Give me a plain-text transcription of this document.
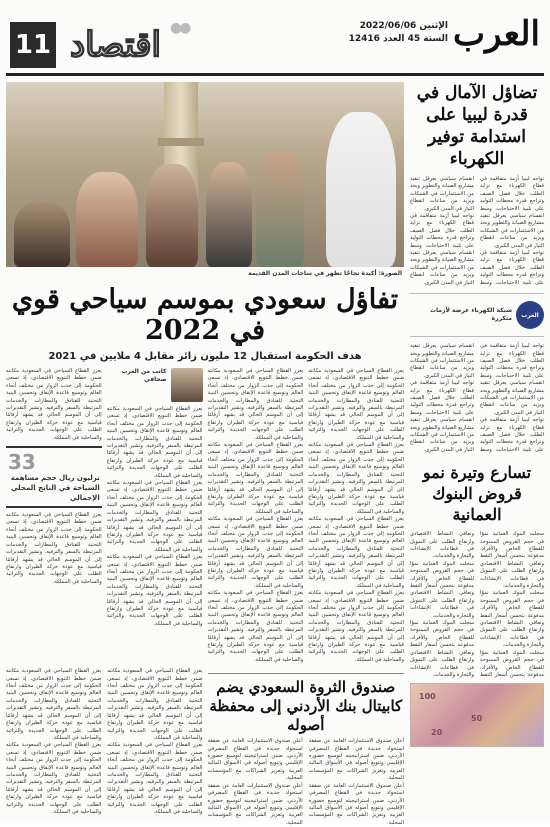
العرب
الإثنين 2022/06/06
السنة 45 العدد 12416
11 اقتصاد ●●
تضاؤل الآمال في قدرة ليبيا على استدامة توفير الكهرباء

تواجه ليبيا أزمة متفاقمة في قطاع الكهرباء مع تزايد الطلب خلال فصل الصيف وتراجع قدرة محطات التوليد على تلبية الاحتياجات، وسط انقسام سياسي يعرقل تنفيذ مشاريع الصيانة والتطوير ويحد من الاستثمارات في الشبكات ويزيد من ساعات انقطاع التيار في المدن الكبرى.

تواجه ليبيا أزمة متفاقمة في قطاع الكهرباء مع تزايد الطلب خلال فصل الصيف وتراجع قدرة محطات التوليد على تلبية الاحتياجات، وسط انقسام سياسي يعرقل تنفيذ مشاريع الصيانة والتطوير ويحد من الاستثمارات في الشبكات ويزيد من ساعات انقطاع التيار في المدن الكبرى.

تواجه ليبيا أزمة متفاقمة في قطاع الكهرباء مع تزايد الطلب خلال فصل الصيف وتراجع قدرة محطات التوليد على تلبية الاحتياجات، وسط انقسام سياسي يعرقل تنفيذ مشاريع الصيانة والتطوير ويحد من الاستثمارات في الشبكات ويزيد من ساعات انقطاع التيار في المدن الكبرى.

العرب
شبكة الكهرباء عرضة لأزمات متكررة

تواجه ليبيا أزمة متفاقمة في قطاع الكهرباء مع تزايد الطلب خلال فصل الصيف وتراجع قدرة محطات التوليد على تلبية الاحتياجات، وسط انقسام سياسي يعرقل تنفيذ مشاريع الصيانة والتطوير ويحد من الاستثمارات في الشبكات ويزيد من ساعات انقطاع التيار في المدن الكبرى.

تواجه ليبيا أزمة متفاقمة في قطاع الكهرباء مع تزايد الطلب خلال فصل الصيف وتراجع قدرة محطات التوليد على تلبية الاحتياجات، وسط انقسام سياسي يعرقل تنفيذ مشاريع الصيانة والتطوير ويحد من الاستثمارات في الشبكات ويزيد من ساعات انقطاع التيار في المدن الكبرى.

تواجه ليبيا أزمة متفاقمة في قطاع الكهرباء مع تزايد الطلب خلال فصل الصيف وتراجع قدرة محطات التوليد على تلبية الاحتياجات، وسط انقسام سياسي يعرقل تنفيذ مشاريع الصيانة والتطوير ويحد من الاستثمارات في الشبكات ويزيد من ساعات انقطاع التيار في المدن الكبرى.

تسارع وتيرة نمو قروض البنوك العمانية

سجلت البنوك العمانية نموًا في حجم القروض الممنوحة للقطاع الخاص والأفراد، مدفوعة بتحسن أسعار النفط وتعافي النشاط الاقتصادي وارتفاع الطلب على التمويل في قطاعات الإنشاءات والتجارة والخدمات.

سجلت البنوك العمانية نموًا في حجم القروض الممنوحة للقطاع الخاص والأفراد، مدفوعة بتحسن أسعار النفط وتعافي النشاط الاقتصادي وارتفاع الطلب على التمويل في قطاعات الإنشاءات والتجارة والخدمات.

سجلت البنوك العمانية نموًا في حجم القروض الممنوحة للقطاع الخاص والأفراد، مدفوعة بتحسن أسعار النفط وتعافي النشاط الاقتصادي وارتفاع الطلب على التمويل في قطاعات الإنشاءات والتجارة والخدمات.

سجلت البنوك العمانية نموًا في حجم القروض الممنوحة للقطاع الخاص والأفراد، مدفوعة بتحسن أسعار النفط وتعافي النشاط الاقتصادي وارتفاع الطلب على التمويل في قطاعات الإنشاءات والتجارة والخدمات.

سجلت البنوك العمانية نموًا في حجم القروض الممنوحة للقطاع الخاص والأفراد، مدفوعة بتحسن أسعار النفط وتعافي النشاط الاقتصادي وارتفاع الطلب على التمويل في قطاعات الإنشاءات والتجارة والخدمات.

100
50
20
الصورة: أكيدة نجاحًا تظهر في ساحات المدن القديمة
تفاؤل سعودي بموسم سياحي قوي في 2022
هدف الحكومة استقبال 12 مليون زائر مقابل 4 ملايين في 2021

يعزز القطاع السياحي في السعودية مكانته ضمن خطط التنويع الاقتصادي، إذ تسعى الحكومة إلى جذب الزوار من مختلف أنحاء العالم وتوسيع قاعدة الإنفاق وتحسين البنية التحتية للفنادق والمطارات والخدمات المرتبطة بالسفر والترفيه. وتشير التقديرات إلى أن الموسم الحالي قد يشهد أرقامًا قياسية مع عودة حركة الطيران وارتفاع الطلب على الوجهات الجديدة والتراثية والساحلية في المملكة.

يعزز القطاع السياحي في السعودية مكانته ضمن خطط التنويع الاقتصادي، إذ تسعى الحكومة إلى جذب الزوار من مختلف أنحاء العالم وتوسيع قاعدة الإنفاق وتحسين البنية التحتية للفنادق والمطارات والخدمات المرتبطة بالسفر والترفيه. وتشير التقديرات إلى أن الموسم الحالي قد يشهد أرقامًا قياسية مع عودة حركة الطيران وارتفاع الطلب على الوجهات الجديدة والتراثية والساحلية في المملكة.

يعزز القطاع السياحي في السعودية مكانته ضمن خطط التنويع الاقتصادي، إذ تسعى الحكومة إلى جذب الزوار من مختلف أنحاء العالم وتوسيع قاعدة الإنفاق وتحسين البنية التحتية للفنادق والمطارات والخدمات المرتبطة بالسفر والترفيه. وتشير التقديرات إلى أن الموسم الحالي قد يشهد أرقامًا قياسية مع عودة حركة الطيران وارتفاع الطلب على الوجهات الجديدة والتراثية والساحلية في المملكة.

يعزز القطاع السياحي في السعودية مكانته ضمن خطط التنويع الاقتصادي، إذ تسعى الحكومة إلى جذب الزوار من مختلف أنحاء العالم وتوسيع قاعدة الإنفاق وتحسين البنية التحتية للفنادق والمطارات والخدمات المرتبطة بالسفر والترفيه. وتشير التقديرات إلى أن الموسم الحالي قد يشهد أرقامًا قياسية مع عودة حركة الطيران وارتفاع الطلب على الوجهات الجديدة والتراثية والساحلية في المملكة.

يعزز القطاع السياحي في السعودية مكانته ضمن خطط التنويع الاقتصادي، إذ تسعى الحكومة إلى جذب الزوار من مختلف أنحاء العالم وتوسيع قاعدة الإنفاق وتحسين البنية التحتية للفنادق والمطارات والخدمات المرتبطة بالسفر والترفيه. وتشير التقديرات إلى أن الموسم الحالي قد يشهد أرقامًا قياسية مع عودة حركة الطيران وارتفاع الطلب على الوجهات الجديدة والتراثية والساحلية في المملكة.

يعزز القطاع السياحي في السعودية مكانته ضمن خطط التنويع الاقتصادي، إذ تسعى الحكومة إلى جذب الزوار من مختلف أنحاء العالم وتوسيع قاعدة الإنفاق وتحسين البنية التحتية للفنادق والمطارات والخدمات المرتبطة بالسفر والترفيه. وتشير التقديرات إلى أن الموسم الحالي قد يشهد أرقامًا قياسية مع عودة حركة الطيران وارتفاع الطلب على الوجهات الجديدة والتراثية والساحلية في المملكة.

يعزز القطاع السياحي في السعودية مكانته ضمن خطط التنويع الاقتصادي، إذ تسعى الحكومة إلى جذب الزوار من مختلف أنحاء العالم وتوسيع قاعدة الإنفاق وتحسين البنية التحتية للفنادق والمطارات والخدمات المرتبطة بالسفر والترفيه. وتشير التقديرات إلى أن الموسم الحالي قد يشهد أرقامًا قياسية مع عودة حركة الطيران وارتفاع الطلب على الوجهات الجديدة والتراثية والساحلية في المملكة.

يعزز القطاع السياحي في السعودية مكانته ضمن خطط التنويع الاقتصادي، إذ تسعى الحكومة إلى جذب الزوار من مختلف أنحاء العالم وتوسيع قاعدة الإنفاق وتحسين البنية التحتية للفنادق والمطارات والخدمات المرتبطة بالسفر والترفيه. وتشير التقديرات إلى أن الموسم الحالي قد يشهد أرقامًا قياسية مع عودة حركة الطيران وارتفاع الطلب على الوجهات الجديدة والتراثية والساحلية في المملكة.

كاتب من العرب
صحافي

يعزز القطاع السياحي في السعودية مكانته ضمن خطط التنويع الاقتصادي، إذ تسعى الحكومة إلى جذب الزوار من مختلف أنحاء العالم وتوسيع قاعدة الإنفاق وتحسين البنية التحتية للفنادق والمطارات والخدمات المرتبطة بالسفر والترفيه. وتشير التقديرات إلى أن الموسم الحالي قد يشهد أرقامًا قياسية مع عودة حركة الطيران وارتفاع الطلب على الوجهات الجديدة والتراثية والساحلية في المملكة.

يعزز القطاع السياحي في السعودية مكانته ضمن خطط التنويع الاقتصادي، إذ تسعى الحكومة إلى جذب الزوار من مختلف أنحاء العالم وتوسيع قاعدة الإنفاق وتحسين البنية التحتية للفنادق والمطارات والخدمات المرتبطة بالسفر والترفيه. وتشير التقديرات إلى أن الموسم الحالي قد يشهد أرقامًا قياسية مع عودة حركة الطيران وارتفاع الطلب على الوجهات الجديدة والتراثية والساحلية في المملكة.

يعزز القطاع السياحي في السعودية مكانته ضمن خطط التنويع الاقتصادي، إذ تسعى الحكومة إلى جذب الزوار من مختلف أنحاء العالم وتوسيع قاعدة الإنفاق وتحسين البنية التحتية للفنادق والمطارات والخدمات المرتبطة بالسفر والترفيه. وتشير التقديرات إلى أن الموسم الحالي قد يشهد أرقامًا قياسية مع عودة حركة الطيران وارتفاع الطلب على الوجهات الجديدة والتراثية والساحلية في المملكة.

يعزز القطاع السياحي في السعودية مكانته ضمن خطط التنويع الاقتصادي، إذ تسعى الحكومة إلى جذب الزوار من مختلف أنحاء العالم وتوسيع قاعدة الإنفاق وتحسين البنية التحتية للفنادق والمطارات والخدمات المرتبطة بالسفر والترفيه. وتشير التقديرات إلى أن الموسم الحالي قد يشهد أرقامًا قياسية مع عودة حركة الطيران وارتفاع الطلب على الوجهات الجديدة والتراثية والساحلية في المملكة.

33
ترليون ريال حجم مساهمة السياحة في الناتج المحلي الإجمالي

يعزز القطاع السياحي في السعودية مكانته ضمن خطط التنويع الاقتصادي، إذ تسعى الحكومة إلى جذب الزوار من مختلف أنحاء العالم وتوسيع قاعدة الإنفاق وتحسين البنية التحتية للفنادق والمطارات والخدمات المرتبطة بالسفر والترفيه. وتشير التقديرات إلى أن الموسم الحالي قد يشهد أرقامًا قياسية مع عودة حركة الطيران وارتفاع الطلب على الوجهات الجديدة والتراثية والساحلية في المملكة.

صندوق الثروة السعودي يضم كابيتال بنك الأردني إلى محفظة أصوله

أعلن صندوق الاستثمارات العامة عن صفقة استحواذ جديدة في القطاع المصرفي الأردني، ضمن استراتيجيته لتوسيع حضوره الإقليمي وتنويع أصوله في الأسواق المالية العربية وتعزيز الشراكات مع المؤسسات المحلية.

أعلن صندوق الاستثمارات العامة عن صفقة استحواذ جديدة في القطاع المصرفي الأردني، ضمن استراتيجيته لتوسيع حضوره الإقليمي وتنويع أصوله في الأسواق المالية العربية وتعزيز الشراكات مع المؤسسات المحلية.

أعلن صندوق الاستثمارات العامة عن صفقة استحواذ جديدة في القطاع المصرفي الأردني، ضمن استراتيجيته لتوسيع حضوره الإقليمي وتنويع أصوله في الأسواق المالية العربية وتعزيز الشراكات مع المؤسسات المحلية.

أعلن صندوق الاستثمارات العامة عن صفقة استحواذ جديدة في القطاع المصرفي الأردني، ضمن استراتيجيته لتوسيع حضوره الإقليمي وتنويع أصوله في الأسواق المالية العربية وتعزيز الشراكات مع المؤسسات المحلية.

يعزز القطاع السياحي في السعودية مكانته ضمن خطط التنويع الاقتصادي، إذ تسعى الحكومة إلى جذب الزوار من مختلف أنحاء العالم وتوسيع قاعدة الإنفاق وتحسين البنية التحتية للفنادق والمطارات والخدمات المرتبطة بالسفر والترفيه. وتشير التقديرات إلى أن الموسم الحالي قد يشهد أرقامًا قياسية مع عودة حركة الطيران وارتفاع الطلب على الوجهات الجديدة والتراثية والساحلية في المملكة.

يعزز القطاع السياحي في السعودية مكانته ضمن خطط التنويع الاقتصادي، إذ تسعى الحكومة إلى جذب الزوار من مختلف أنحاء العالم وتوسيع قاعدة الإنفاق وتحسين البنية التحتية للفنادق والمطارات والخدمات المرتبطة بالسفر والترفيه. وتشير التقديرات إلى أن الموسم الحالي قد يشهد أرقامًا قياسية مع عودة حركة الطيران وارتفاع الطلب على الوجهات الجديدة والتراثية والساحلية في المملكة.

يعزز القطاع السياحي في السعودية مكانته ضمن خطط التنويع الاقتصادي، إذ تسعى الحكومة إلى جذب الزوار من مختلف أنحاء العالم وتوسيع قاعدة الإنفاق وتحسين البنية التحتية للفنادق والمطارات والخدمات المرتبطة بالسفر والترفيه. وتشير التقديرات إلى أن الموسم الحالي قد يشهد أرقامًا قياسية مع عودة حركة الطيران وارتفاع الطلب على الوجهات الجديدة والتراثية والساحلية في المملكة.

يعزز القطاع السياحي في السعودية مكانته ضمن خطط التنويع الاقتصادي، إذ تسعى الحكومة إلى جذب الزوار من مختلف أنحاء العالم وتوسيع قاعدة الإنفاق وتحسين البنية التحتية للفنادق والمطارات والخدمات المرتبطة بالسفر والترفيه. وتشير التقديرات إلى أن الموسم الحالي قد يشهد أرقامًا قياسية مع عودة حركة الطيران وارتفاع الطلب على الوجهات الجديدة والتراثية والساحلية في المملكة.
